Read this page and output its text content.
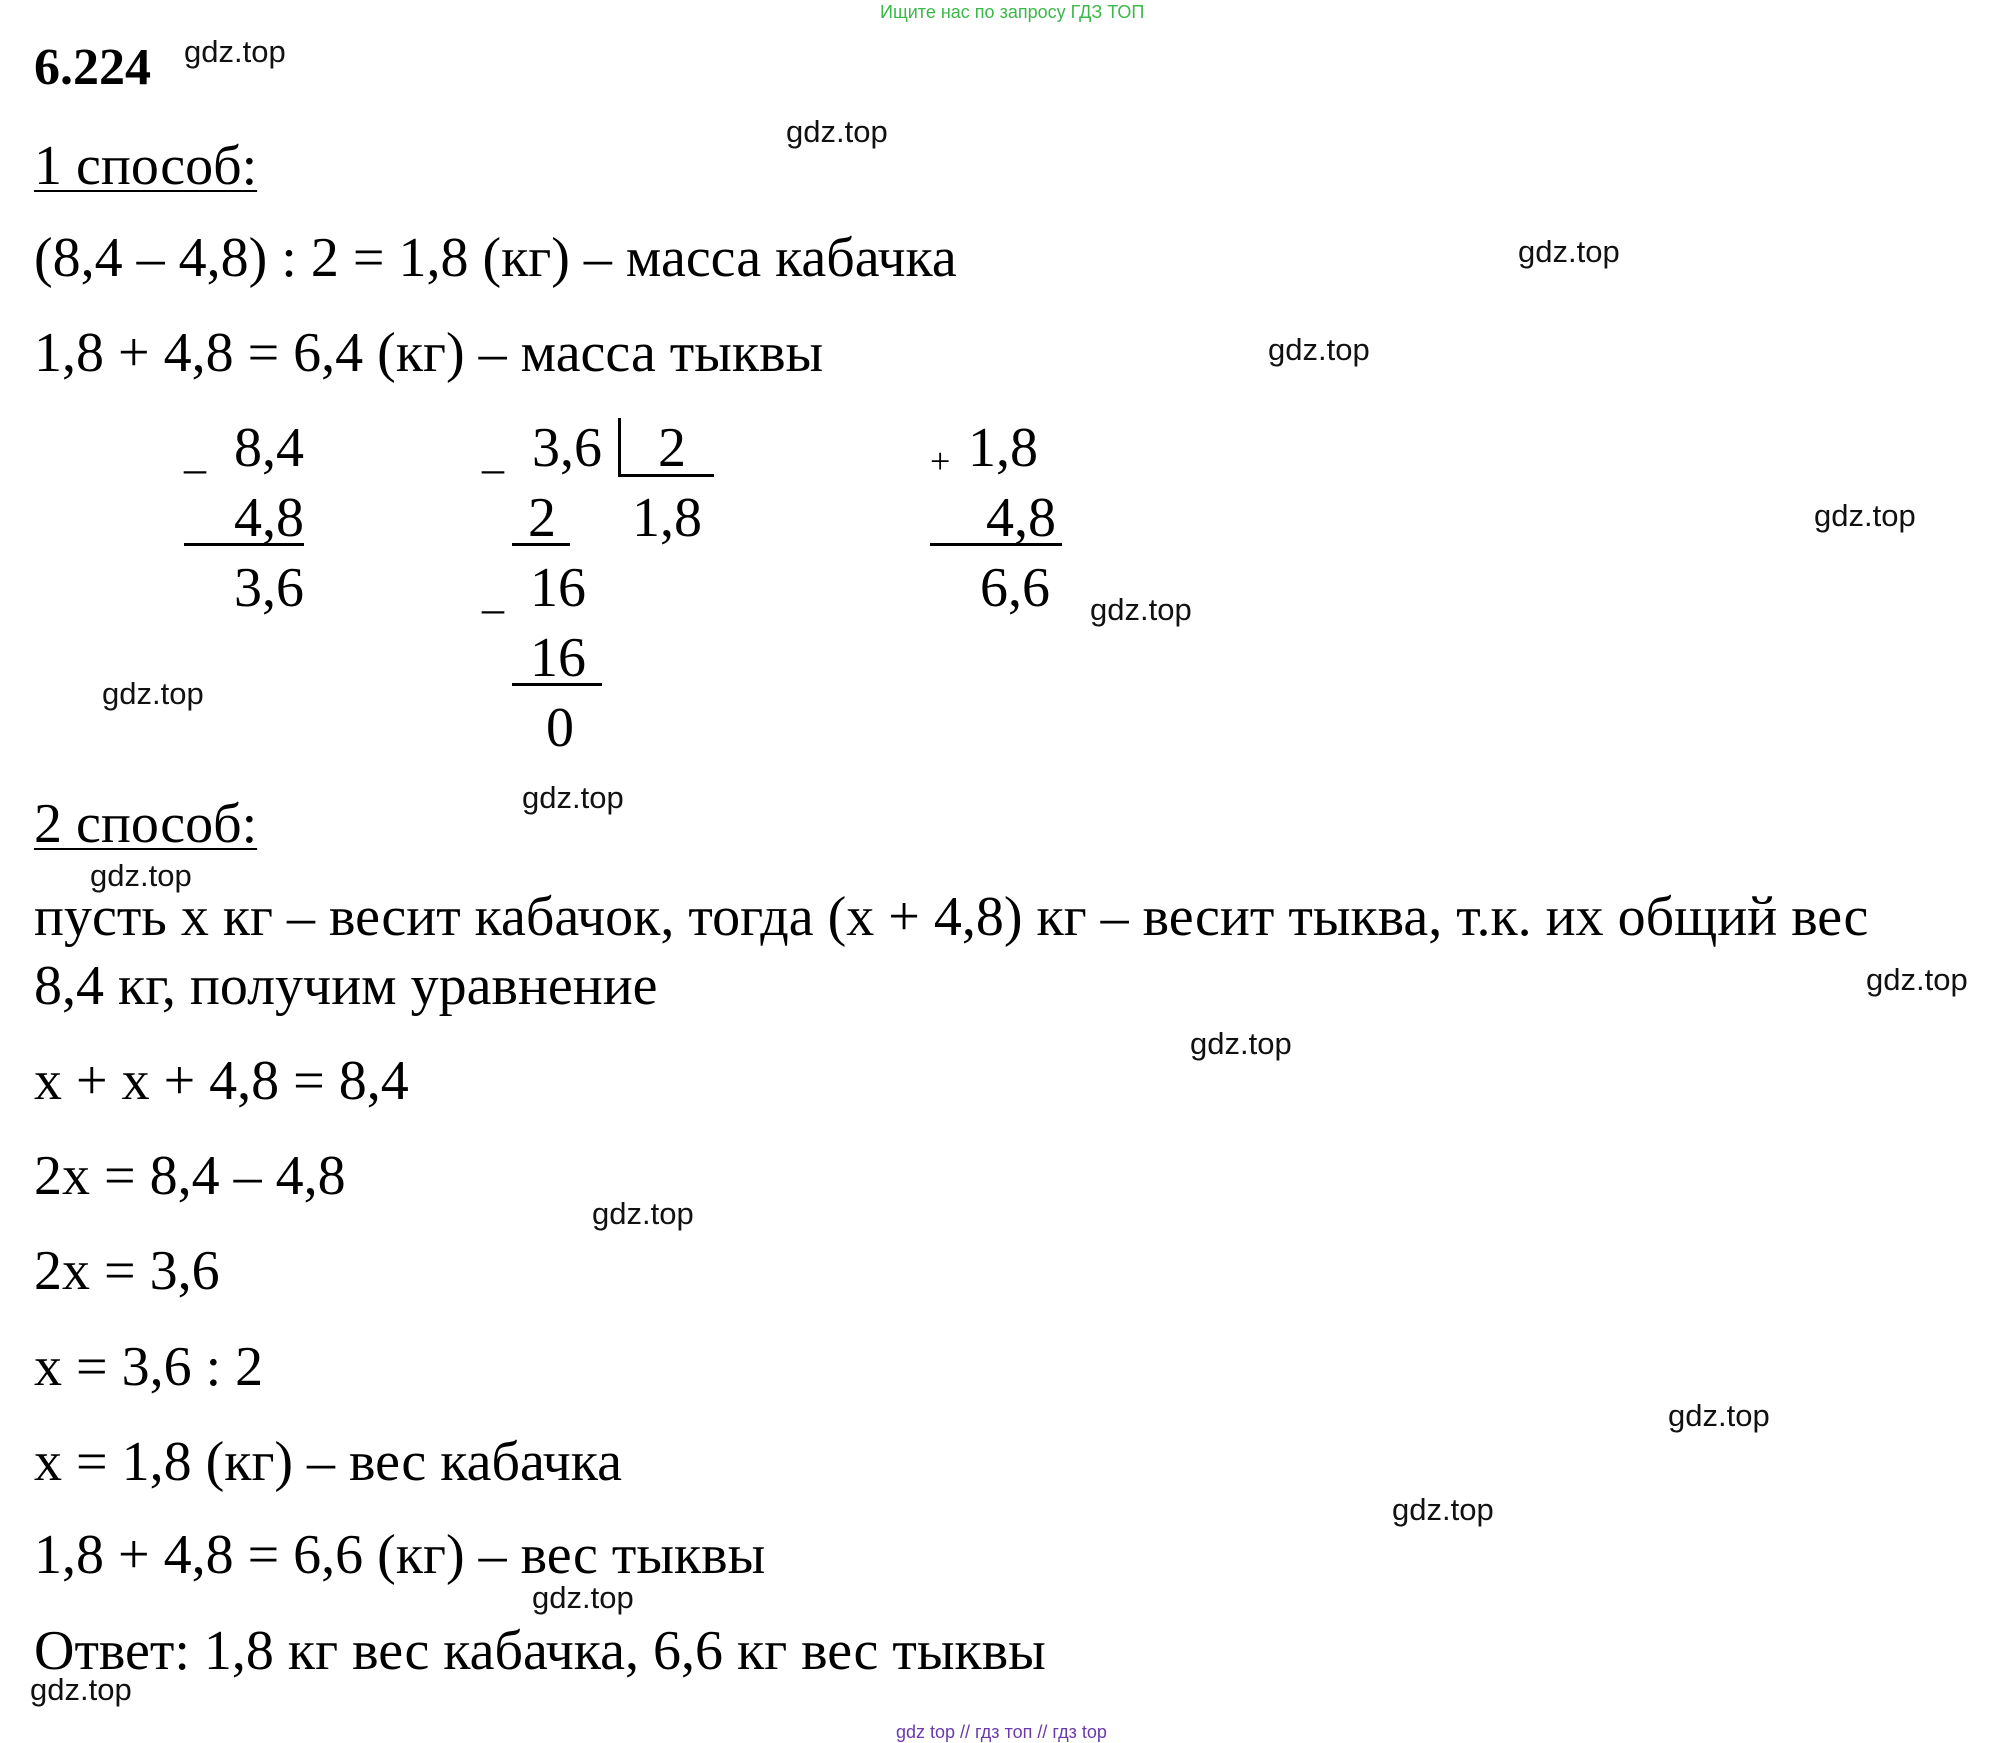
Ищите нас по запросу ГДЗ ТОП
6.224
1 способ:
(8,4 – 4,8) : 2 = 1,8 (кг) – масса кабачка
1,8 + 4,8 = 6,4 (кг) – масса тыквы
_ 8,4
4,8
3,6
_ 3,6	2
2 1,8
_ 16
16
0
+ 1,8
4,8
6,6
2 способ:
пусть х кг – весит кабачок, тогда (х + 4,8) кг – весит тыква, т.к. их общий вес
8,4 кг, получим уравнение
х + х + 4,8 = 8,4
2х = 8,4 – 4,8
2х = 3,6
х = 3,6 : 2
х = 1,8 (кг) – вес кабачка
1,8 + 4,8 = 6,6 (кг) – вес тыквы
Ответ: 1,8 кг вес кабачка, 6,6 кг вес тыквы
gdz.top
gdz.top
gdz.top
gdz.top
gdz.top
gdz.top
gdz.top
gdz.top
gdz.top
gdz.top
gdz.top
gdz.top
gdz.top
gdz.top
gdz.top
gdz.top
gdz top // гдз топ // гдз top
